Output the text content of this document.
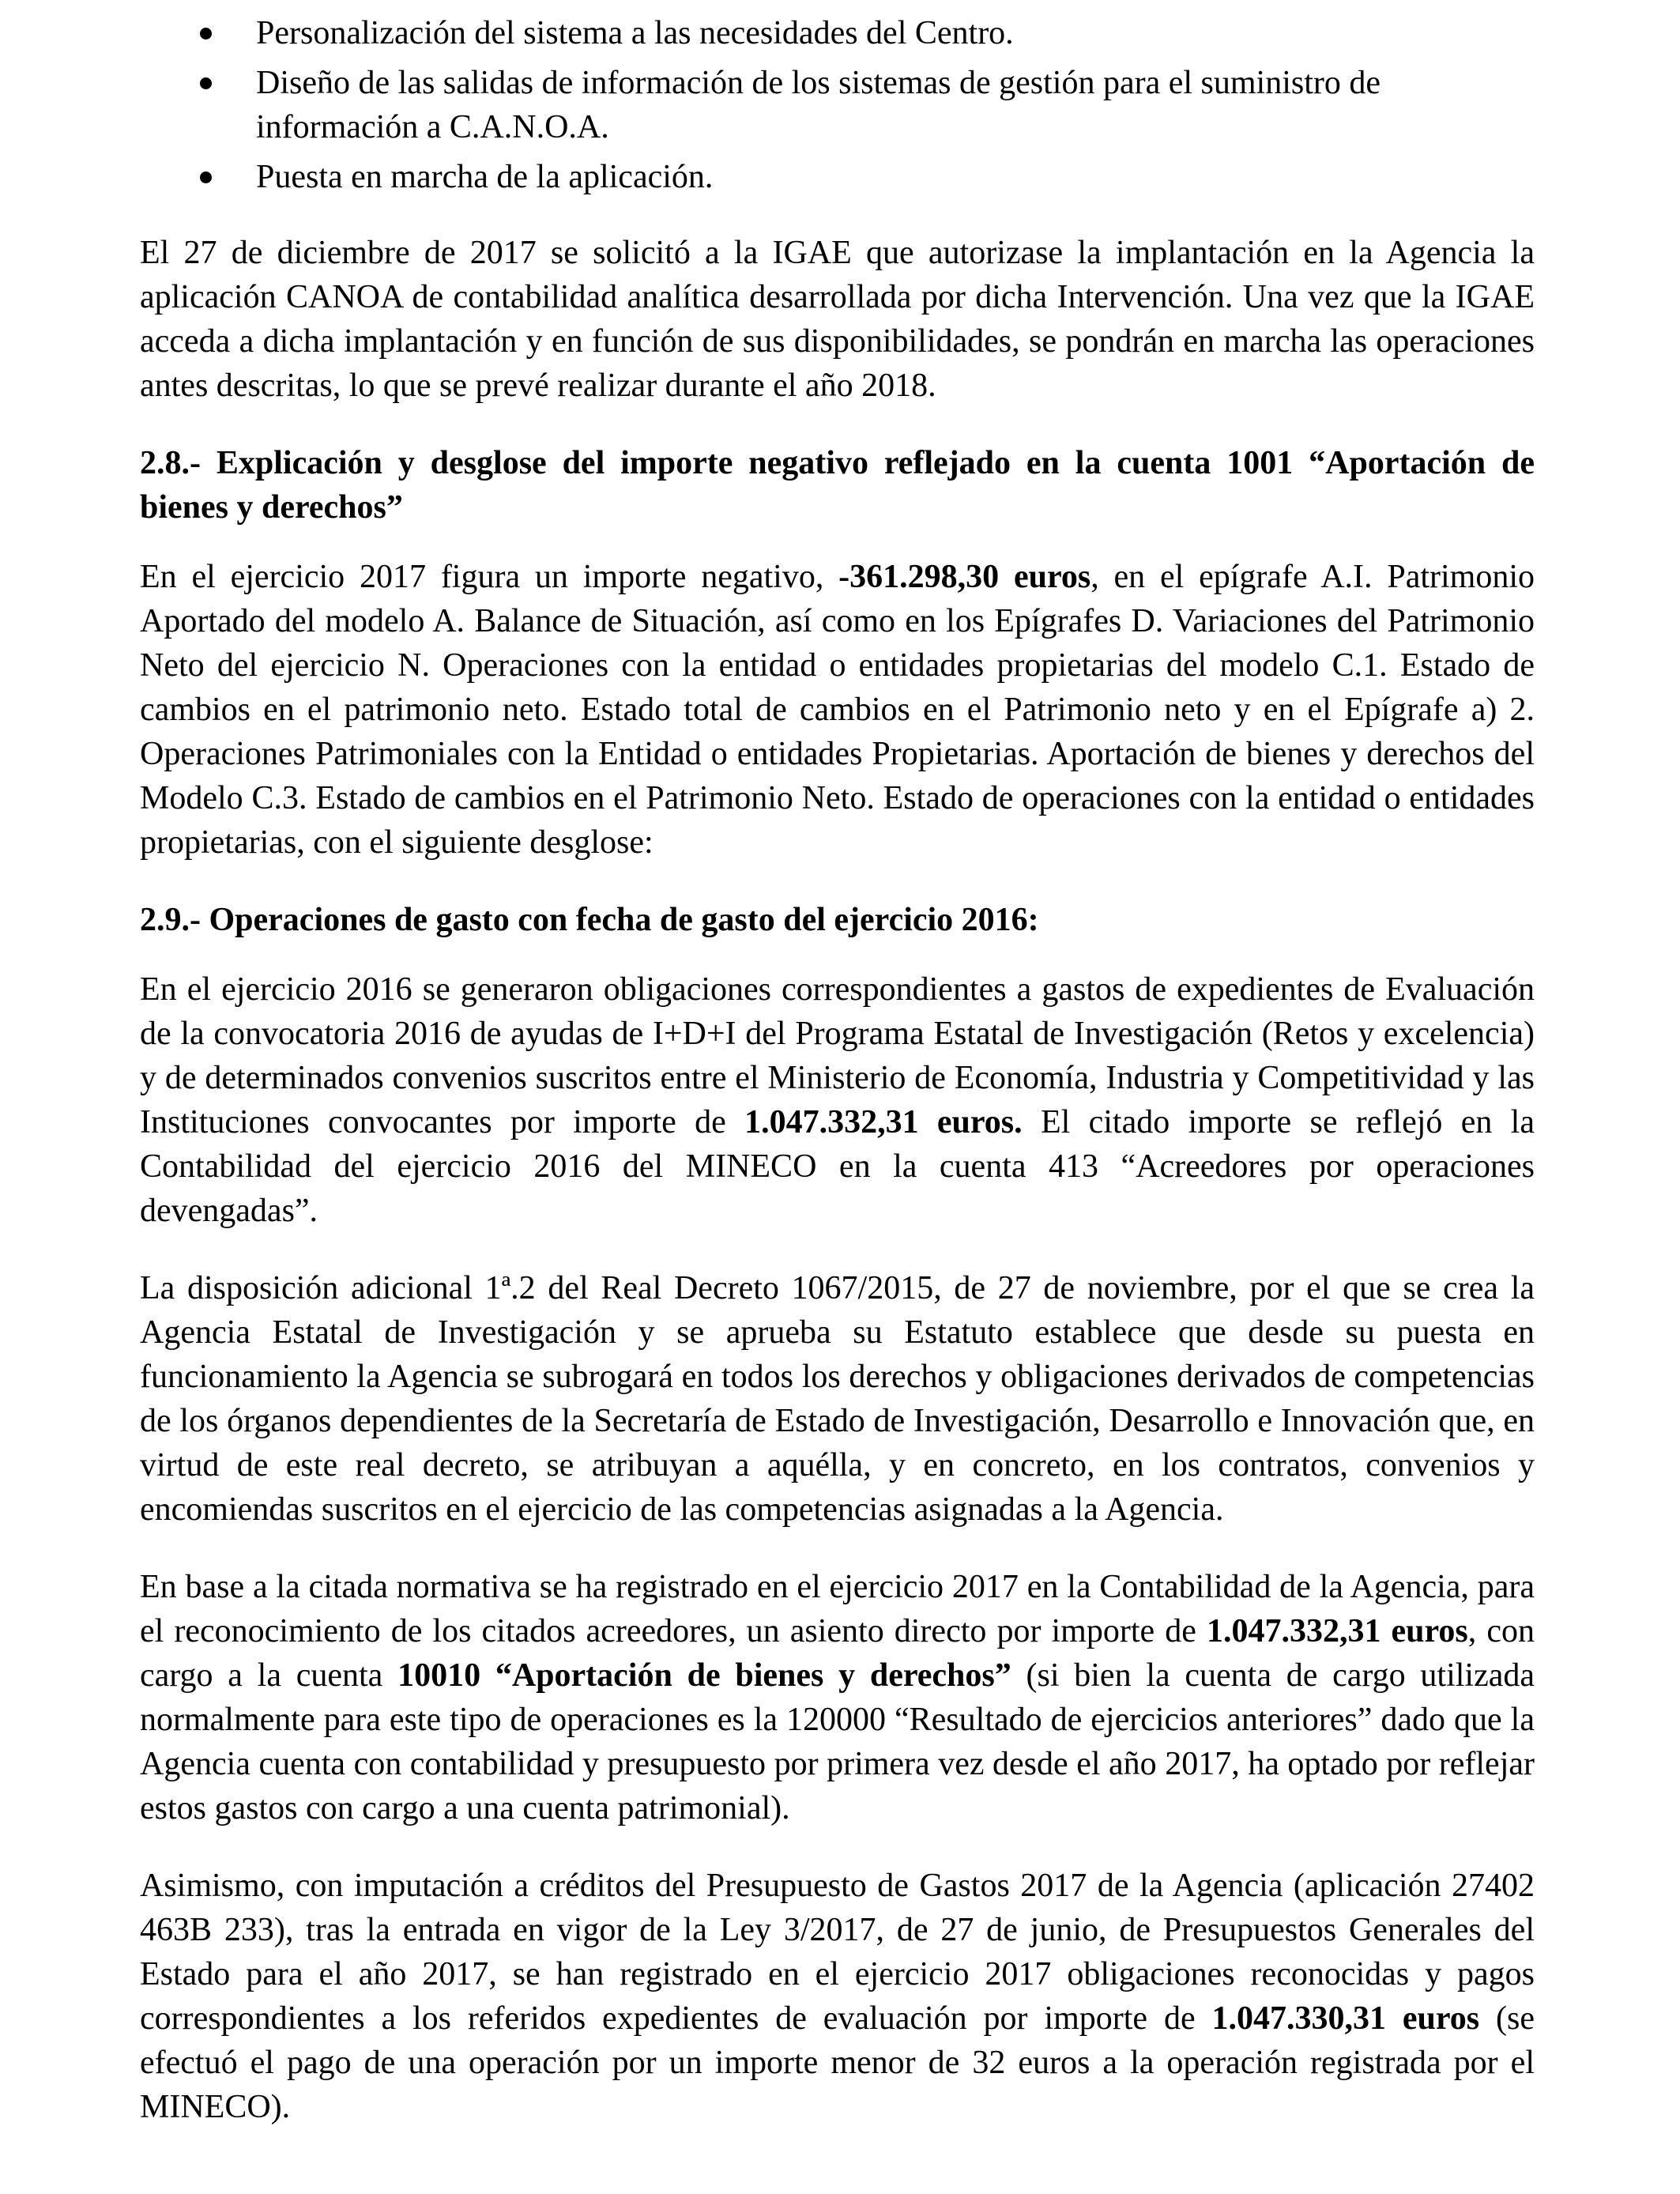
Personalización del sistema a las necesidades del Centro.
Diseño de las salidas de información de los sistemas de gestión para el suministro de información a C.A.N.O.A.
Puesta en marcha de la aplicación.

El 27 de diciembre de 2017 se solicitó a la IGAE que autorizase la implantación en la Agencia la aplicación CANOA de contabilidad analítica desarrollada por dicha Intervención. Una vez que la IGAE acceda a dicha implantación y en función de sus disponibilidades, se pondrán en marcha las operaciones antes descritas, lo que se prevé realizar durante el año 2018.

2.8.- Explicación y desglose del importe negativo reflejado en la cuenta 1001 “Aportación de bienes y derechos”

En el ejercicio 2017 figura un importe negativo, -361.298,30 euros, en el epígrafe A.I. Patrimonio Aportado del modelo A. Balance de Situación, así como en los Epígrafes D. Variaciones del Patrimonio Neto del ejercicio N. Operaciones con la entidad o entidades propietarias del modelo C.1. Estado de cambios en el patrimonio neto. Estado total de cambios en el Patrimonio neto y en el Epígrafe a) 2. Operaciones Patrimoniales con la Entidad o entidades Propietarias. Aportación de bienes y derechos del Modelo C.3. Estado de cambios en el Patrimonio Neto. Estado de operaciones con la entidad o entidades propietarias, con el siguiente desglose:

2.9.- Operaciones de gasto con fecha de gasto del ejercicio 2016:

En el ejercicio 2016 se generaron obligaciones correspondientes a gastos de expedientes de Evaluación de la convocatoria 2016 de ayudas de I+D+I del Programa Estatal de Investigación (Retos y excelencia) y de determinados convenios suscritos entre el Ministerio de Economía, Industria y Competitividad y las Instituciones convocantes por importe de 1.047.332,31 euros. El citado importe se reflejó en la Contabilidad del ejercicio 2016 del MINECO en la cuenta 413 “Acreedores por operaciones devengadas”.

La disposición adicional 1ª.2 del Real Decreto 1067/2015, de 27 de noviembre, por el que se crea la Agencia Estatal de Investigación y se aprueba su Estatuto establece que desde su puesta en funcionamiento la Agencia se subrogará en todos los derechos y obligaciones derivados de competencias de los órganos dependientes de la Secretaría de Estado de Investigación, Desarrollo e Innovación que, en virtud de este real decreto, se atribuyan a aquélla, y en concreto, en los contratos, convenios y encomiendas suscritos en el ejercicio de las competencias asignadas a la Agencia.

En base a la citada normativa se ha registrado en el ejercicio 2017 en la Contabilidad de la Agencia, para el reconocimiento de los citados acreedores, un asiento directo por importe de 1.047.332,31 euros, con cargo a la cuenta 10010 “Aportación de bienes y derechos” (si bien la cuenta de cargo utilizada normalmente para este tipo de operaciones es la 120000 “Resultado de ejercicios anteriores” dado que la Agencia cuenta con contabilidad y presupuesto por primera vez desde el año 2017, ha optado por reflejar estos gastos con cargo a una cuenta patrimonial).

Asimismo, con imputación a créditos del Presupuesto de Gastos 2017 de la Agencia (aplicación 27402 463B 233), tras la entrada en vigor de la Ley 3/2017, de 27 de junio, de Presupuestos Generales del Estado para el año 2017, se han registrado en el ejercicio 2017 obligaciones reconocidas y pagos correspondientes a los referidos expedientes de evaluación por importe de 1.047.330,31 euros (se efectuó el pago de una operación por un importe menor de 32 euros a la operación registrada por el MINECO).
